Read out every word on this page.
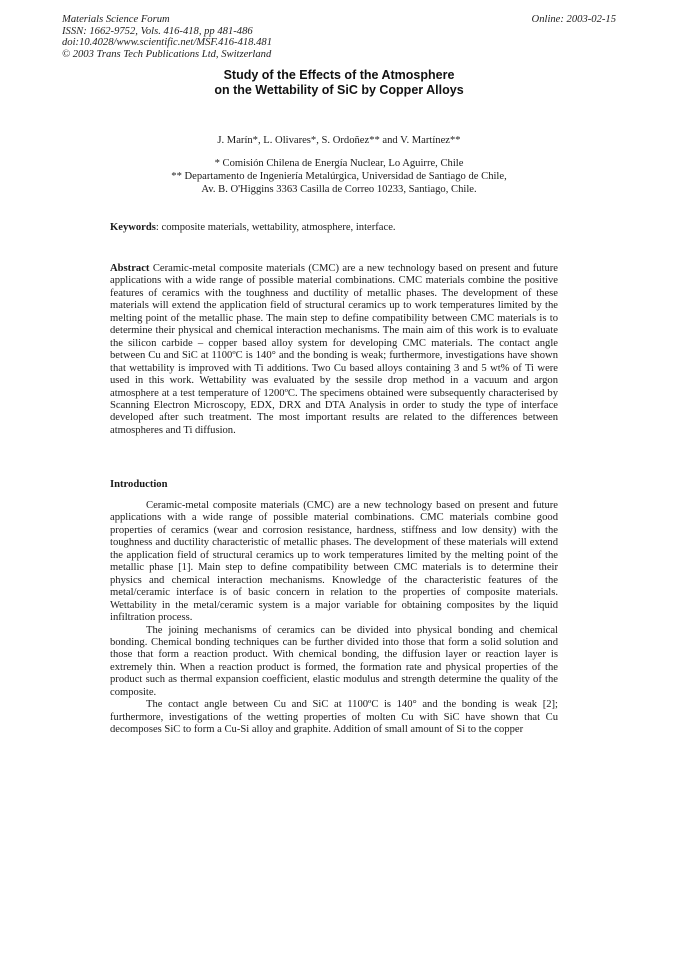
Materials Science Forum
ISSN: 1662-9752, Vols. 416-418, pp 481-486
doi:10.4028/www.scientific.net/MSF.416-418.481
© 2003 Trans Tech Publications Ltd, Switzerland
Online: 2003-02-15
Study of the Effects of the Atmosphere
on the Wettability of SiC by Copper Alloys
J. Marín*, L. Olivares*, S. Ordoñez** and V. Martínez**
* Comisión Chilena de Energía Nuclear, Lo Aguirre, Chile
** Departamento de Ingeniería Metalúrgica, Universidad de Santiago de Chile,
Av. B. O'Higgins 3363 Casilla de Correo 10233, Santiago, Chile.
Keywords: composite materials, wettability, atmosphere, interface.
Abstract Ceramic-metal composite materials (CMC) are a new technology based on present and future applications with a wide range of possible material combinations. CMC materials combine the positive features of ceramics with the toughness and ductility of metallic phases. The development of these materials will extend the application field of structural ceramics up to work temperatures limited by the melting point of the metallic phase. The main step to define compatibility between CMC materials is to determine their physical and chemical interaction mechanisms. The main aim of this work is to evaluate the silicon carbide – copper based alloy system for developing CMC materials. The contact angle between Cu and SiC at 1100ºC is 140° and the bonding is weak; furthermore, investigations have shown that wettability is improved with Ti additions. Two Cu based alloys containing 3 and 5 wt% of Ti were used in this work. Wettability was evaluated by the sessile drop method in a vacuum and argon atmosphere at a test temperature of 1200ºC. The specimens obtained were subsequently characterised by Scanning Electron Microscopy, EDX, DRX and DTA Analysis in order to study the type of interface developed after such treatment. The most important results are related to the differences between atmospheres and Ti diffusion.
Introduction

Ceramic-metal composite materials (CMC) are a new technology based on present and future applications with a wide range of possible material combinations. CMC materials combine good properties of ceramics (wear and corrosion resistance, hardness, stiffness and low density) with the toughness and ductility characteristic of metallic phases. The development of these materials will extend the application field of structural ceramics up to work temperatures limited by the melting point of the metallic phase [1]. Main step to define compatibility between CMC materials is to determine their physics and chemical interaction mechanisms. Knowledge of the characteristic features of the metal/ceramic interface is of basic concern in relation to the properties of composite materials. Wettability in the metal/ceramic system is a major variable for obtaining composites by the liquid infiltration process.

The joining mechanisms of ceramics can be divided into physical bonding and chemical bonding. Chemical bonding techniques can be further divided into those that form a solid solution and those that form a reaction product. With chemical bonding, the diffusion layer or reaction layer is extremely thin. When a reaction product is formed, the formation rate and physical properties of the product such as thermal expansion coefficient, elastic modulus and strength determine the quality of the composite.

The contact angle between Cu and SiC at 1100ºC is 140° and the bonding is weak [2]; furthermore, investigations of the wetting properties of molten Cu with SiC have shown that Cu decomposes SiC to form a Cu-Si alloy and graphite. Addition of small amount of Si to the copper
